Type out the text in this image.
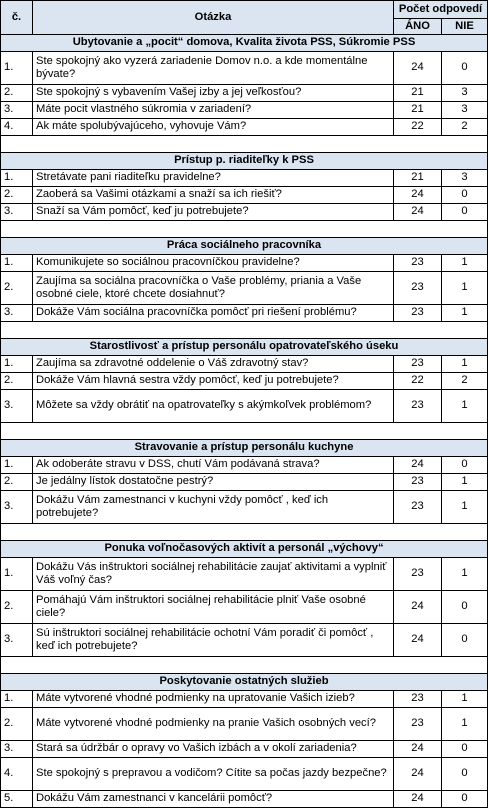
č.	Otázka	Počet odpovedí	
		ÁNO	NIE
Ubytovanie a „pocit“ domova, Kvalita života PSS, Súkromie PSS			
1.	Ste spokojný ako vyzerá zariadenie Domov n.o. a kde momentálne bývate?	24	0
2.	Ste spokojný s vybavením Vašej izby a jej veľkosťou?	21	3
3.	Máte pocit vlastného súkromia v zariadení?	21	3
4.	Ak máte spolubývajúceho, vyhovuje Vám?	22	2

Prístup p. riaditeľky k PSS			
1.	Stretávate pani riaditeľku pravidelne?	21	3
2.	Zaoberá sa Vašimi otázkami a snaží sa ich riešiť?	24	0
3.	Snaží sa Vám pomôcť, keď ju potrebujete?	24	0

Práca sociálneho pracovníka			
1.	Komunikujete so sociálnou pracovníčkou pravidelne?	23	1
2.	Zaujíma sa sociálna pracovníčka o Vaše problémy, priania a Vaše osobné ciele, ktoré chcete dosiahnuť?	23	1
3.	Dokáže Vám sociálna pracovníčka pomôcť pri riešení problému?	23	1

Starostlivosť a prístup personálu opatrovateľského úseku			
1.	Zaujíma sa zdravotné oddelenie o Váš zdravotný stav?	23	1
2.	Dokáže Vám hlavná sestra vždy pomôcť, keď ju potrebujete?	22	2
3.	Môžete sa vždy obrátiť na opatrovateľky s akýmkoľvek problémom?	23	1

Stravovanie a prístup personálu kuchyne			
1.	Ak odoberáte stravu v DSS, chutí Vám podávaná strava?	24	0
2.	Je jedálny lístok dostatočne pestrý?	23	1
3.	Dokážu Vám zamestnanci v kuchyni vždy pomôcť , keď ich potrebujete?	23	1

Ponuka voľnočasových aktivít a personál „výchovy“			
1.	Dokážu Vás inštruktori sociálnej rehabilitácie zaujať aktivitami a vyplniť Váš voľný čas?	23	1
2.	Pomáhajú Vám inštruktori sociálnej rehabilitácie plniť Vaše osobné ciele?	24	0
3.	Sú inštruktori sociálnej rehabilitácie ochotní Vám poradiť či pomôcť , keď ich potrebujete?	24	0

Poskytovanie ostatných služieb			
1.	Máte vytvorené vhodné podmienky na upratovanie Vašich izieb?	23	1
2.	Máte vytvorené vhodné podmienky na pranie Vašich osobných vecí?	23	1
3.	Stará sa údržbár o opravy vo Vašich izbách a v okolí zariadenia?	24	0
4.	Ste spokojný s prepravou a vodičom? Cítite sa počas jazdy bezpečne?	24	0
5.	Dokážu Vám zamestnanci v kancelárii pomôcť?	24	0
